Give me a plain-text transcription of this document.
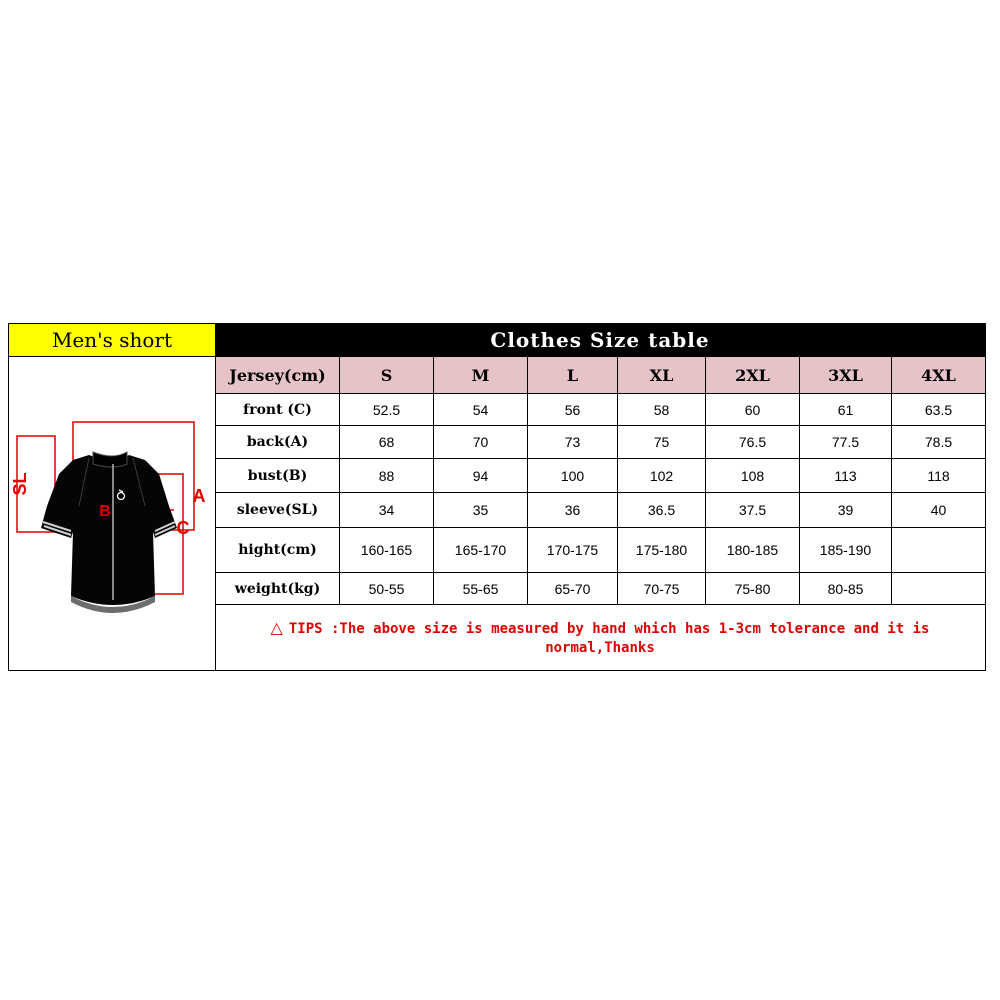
Men's short
SL
A
B
C
Clothes Size table
Jersey(cm)	S	M	L	XL	2XL	3XL	4XL
front (C)	52.5	54	56	58	60	61	63.5
back(A)	68	70	73	75	76.5	77.5	78.5
bust(B)	88	94	100	102	108	113	118
sleeve(SL)	34	35	36	36.5	37.5	39	40
hight(cm)	160-165	165-170	170-175	175-180	180-185	185-190	
weight(kg)	50-55	55-65	65-70	70-75	75-80	80-85	
△ TIPS :The above size is measured by hand which has 1-3cm tolerance and it is normal,Thanks
